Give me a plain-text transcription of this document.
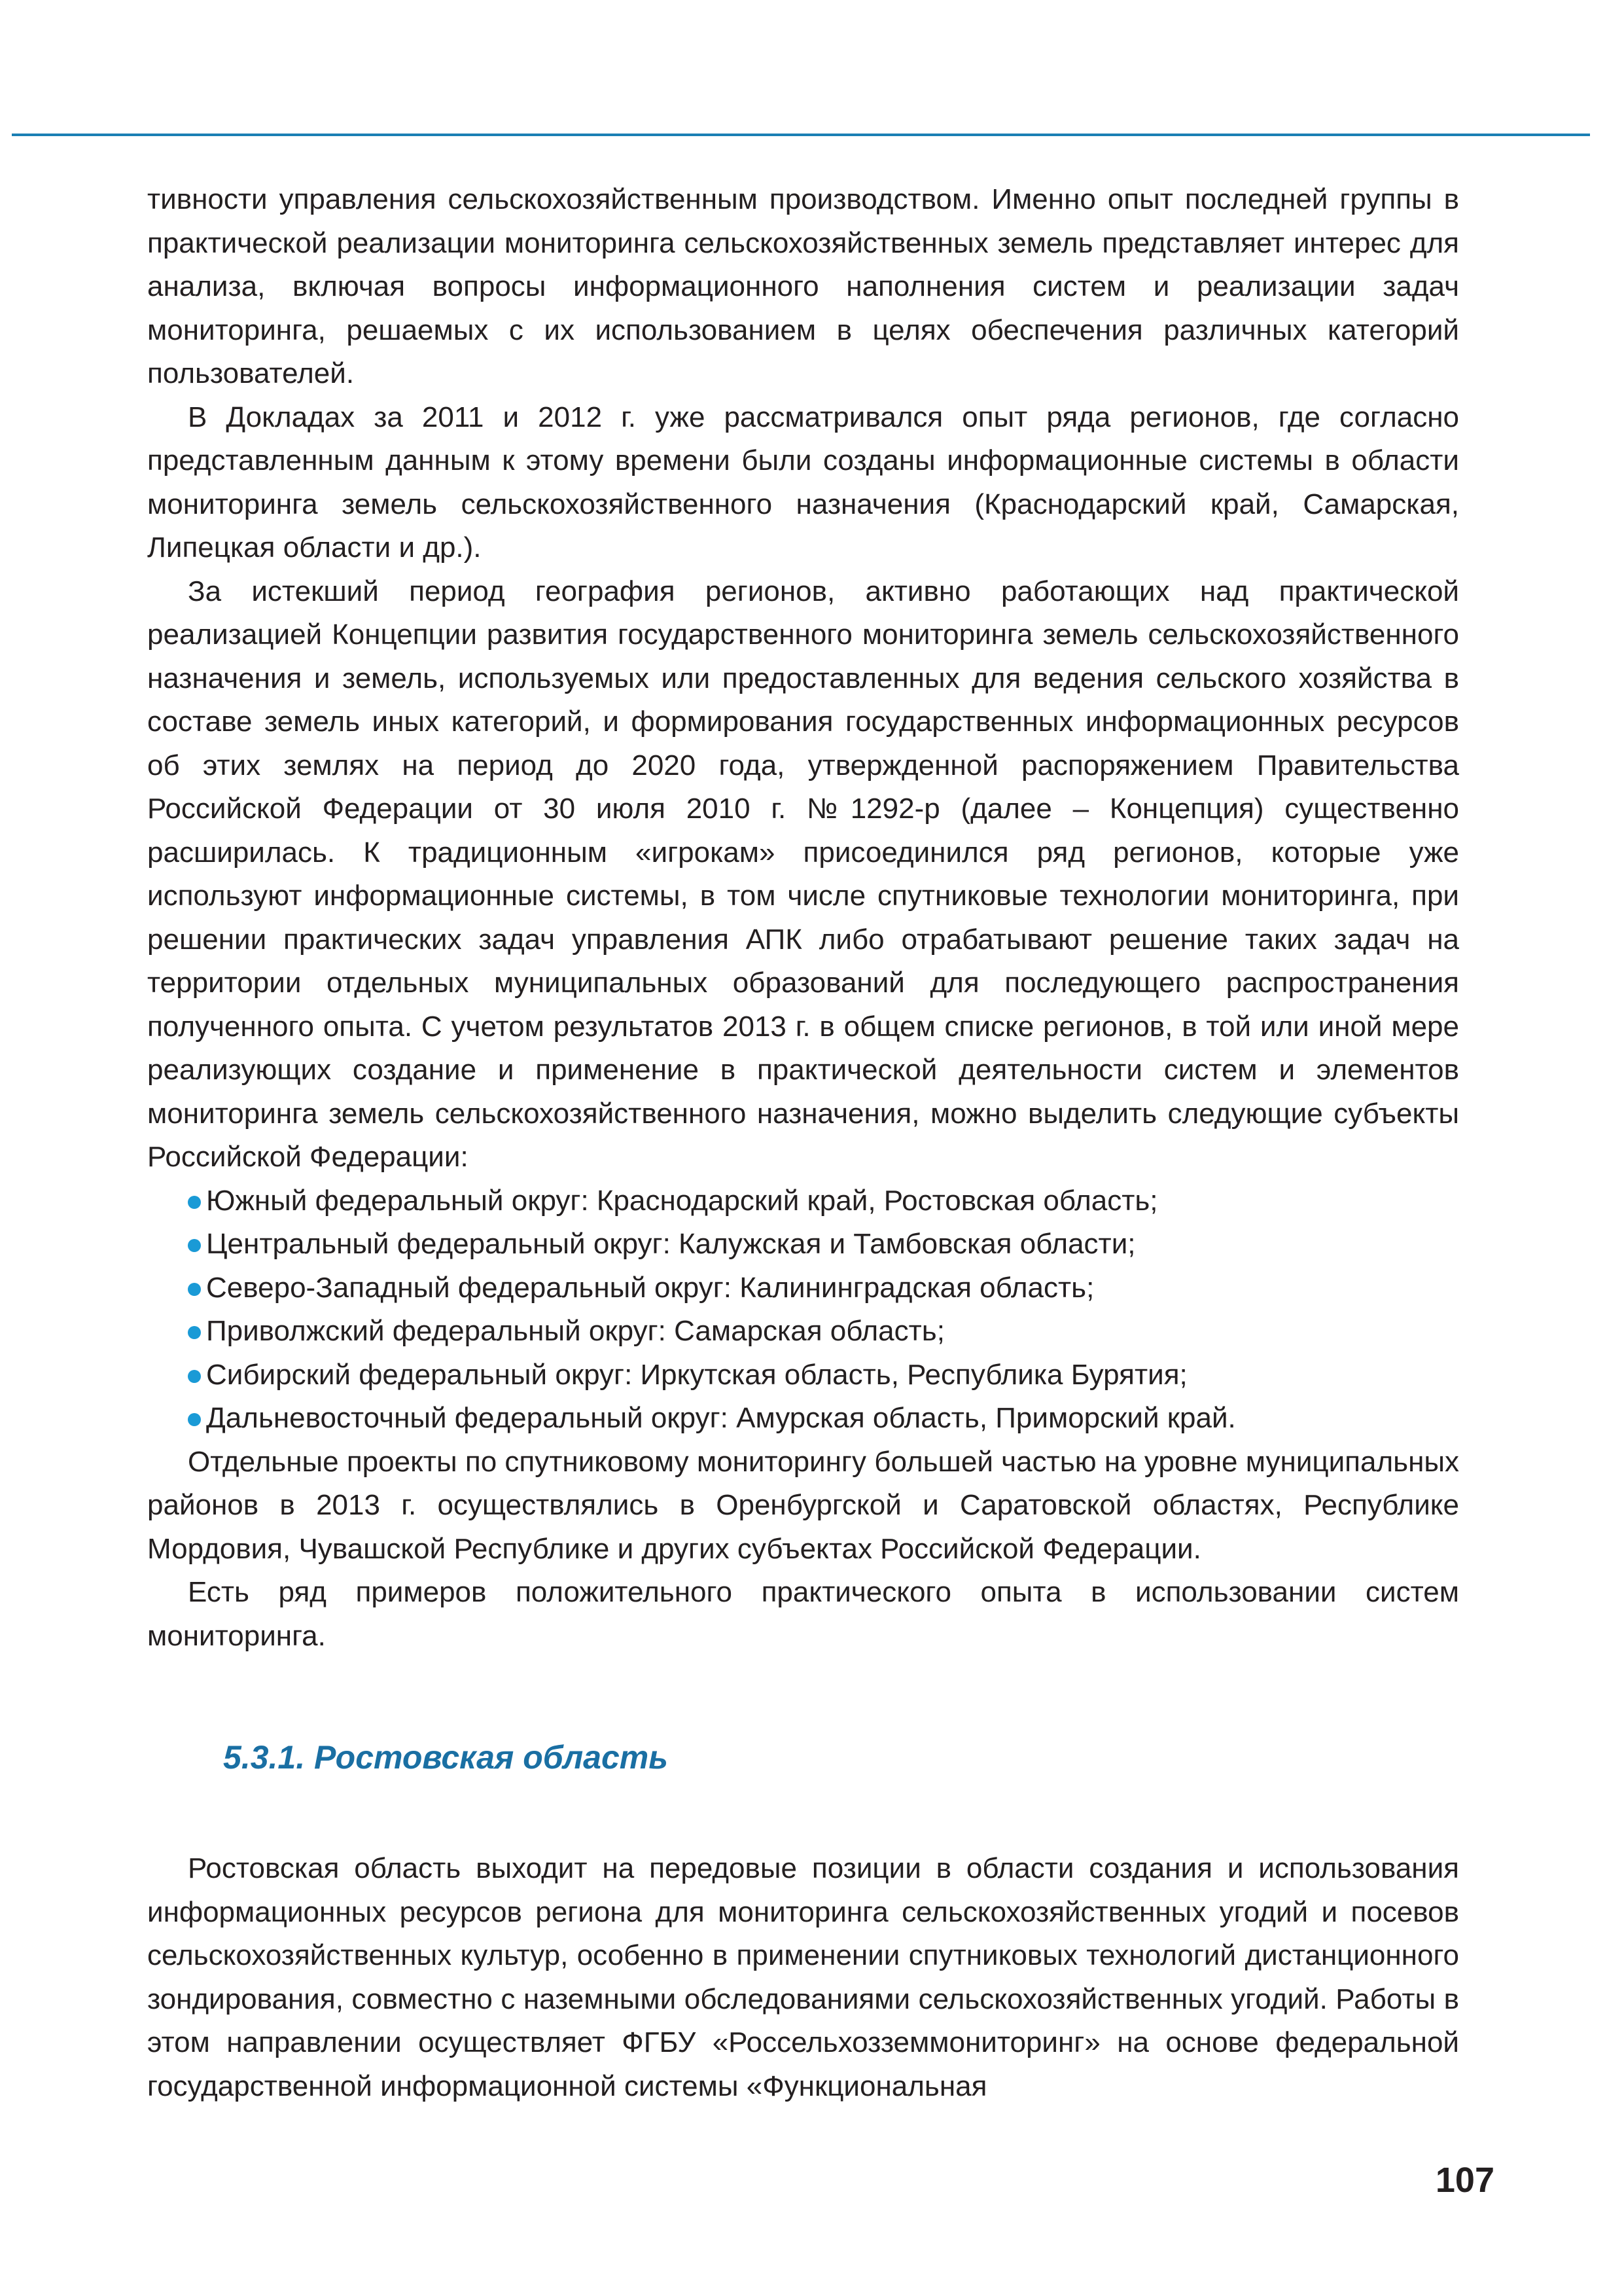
тивности управления сельскохозяйственным производством. Именно опыт последней группы в практической реализации мониторинга сельскохозяйственных земель представляет интерес для анализа, включая вопросы информационного наполнения систем и реализации задач мониторинга, решаемых с их использованием в целях обеспечения различных категорий пользователей.

В Докладах за 2011 и 2012 г. уже рассматривался опыт ряда регионов, где согласно представленным данным к этому времени были созданы информационные системы в области мониторинга земель сельскохозяйственного назначения (Краснодарский край, Самарская, Липецкая области и др.).

За истекший период география регионов, активно работающих над практической реализацией Концепции развития государственного мониторинга земель сельскохозяйственного назначения и земель, используемых или предоставленных для ведения сельского хозяйства в составе земель иных категорий, и формирования государственных информационных ресурсов об этих землях на период до 2020 года, утвержденной распоряжением Правительства Российской Федерации от 30 июля 2010 г. №1292-р (далее – Концепция) существенно расширилась. К традиционным «игрокам» присоединился ряд регионов, которые уже используют информационные системы, в том числе спутниковые технологии мониторинга, при решении практических задач управления АПК либо отрабатывают решение таких задач на территории отдельных муниципальных образований для последующего распространения полученного опыта. С учетом результатов 2013 г. в общем списке регионов, в той или иной мере реализующих создание и применение в практической деятельности систем и элементов мониторинга земель сельскохозяйственного назначения, можно выделить следующие субъекты Российской Федерации:

Южный федеральный округ: Краснодарский край, Ростовская область;
Центральный федеральный округ: Калужская и Тамбовская области;
Северо-Западный федеральный округ: Калининградская область;
Приволжский федеральный округ: Самарская область;
Сибирский федеральный округ: Иркутская область, Республика Бурятия;
Дальневосточный федеральный округ: Амурская область, Приморский край.

Отдельные проекты по спутниковому мониторингу большей частью на уровне муниципальных районов в 2013 г. осуществлялись в Оренбургской и Саратовской областях, Республике Мордовия, Чувашской Республике и других субъектах Российской Федерации.

Есть ряд примеров положительного практического опыта в использовании систем мониторинга.

5.3.1. Ростовская область

Ростовская область выходит на передовые позиции в области создания и использования информационных ресурсов региона для мониторинга сельскохозяйственных угодий и посевов сельскохозяйственных культур, особенно в применении спутниковых технологий дистанционного зондирования, совместно с наземными обследованиями сельскохозяйственных угодий. Работы в этом направлении осуществляет ФГБУ «Россельхозземмониторинг» на основе федеральной государственной информационной системы «Функциональная

107
